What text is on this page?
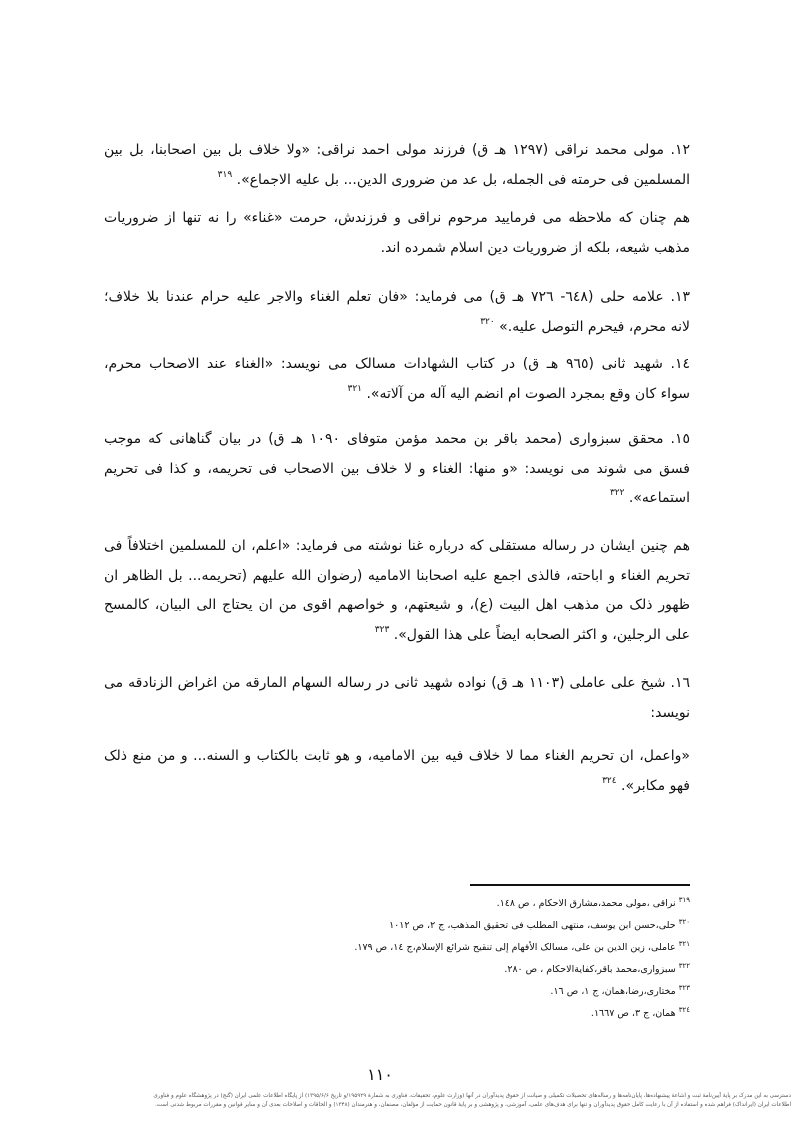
١٢. مولی محمد نراقی (١٢٩٧ هـ ق) فرزند مولی احمد نراقی: «ولا خلاف بل بین اصحابنا، بل بین
المسلمین فی حرمته فی الجمله، بل عد من ضروری الدین... بل علیه الاجماع». $^{٣١٩}$
هم چنان که ملاحظه می فرمایید مرحوم نراقی و فرزندش، حرمت «غناء» را نه تنها از ضروریات
مذهب شیعه، بلکه از ضروریات دین اسلام شمرده اند.
١٣. علامه حلی (٦٤٨- ٧٢٦ هـ ق) می فرماید: «فان تعلم الغناء والاجر علیه حرام عندنا بلا خلاف؛
لانه محرم، فیحرم التوصل علیه.» $^{٣٢٠}$
١٤. شهید ثانی (٩٦٥ هـ ق) در کتاب الشهادات مسالک می نویسد: «الغناء عند الاصحاب محرم،
سواء کان وقع بمجرد الصوت ام انضم الیه آله من آلاته». $^{٣٢١}$
١٥. محقق سبزواری (محمد باقر بن محمد مؤمن متوفای ١٠٩٠ هـ ق) در بیان گناهانی که موجب
فسق می شوند می نویسد: «و منها: الغناء و لا خلاف بین الاصحاب فی تحریمه، و کذا فی تحریم
استماعه». $^{٣٢٢}$
هم چنین ایشان در رساله مستقلی که درباره غنا نوشته می فرماید: «اعلم، ان للمسلمین اختلافاً فی
تحریم الغناء و اباحته، فالذی اجمع علیه اصحابنا الامامیه (رضوان الله علیهم (تحریمه... بل الظاهر ان
ظهور ذلک من مذهب اهل البیت (ع)، و شیعتهم، و خواصهم اقوی من ان یحتاج الی البیان، کالمسح
علی الرجلین، و اکثر الصحابه ایضاً علی هذا القول». $^{٣٢٣}$
١٦. شیخ علی عاملی (١١٠٣ هـ ق) نواده شهید ثانی در رساله السهام المارقه من اغراض الزنادقه می
نویسد:
«واعمل، ان تحریم الغناء مما لا خلاف فیه بین الامامیه، و هو ثابت بالکتاب و السنه... و من منع ذلک
فهو مکابر». $^{٣٢٤}$
$^{٣١٩}$ نراقی ،مولی محمد،مشارق الاحکام ، ص ١٤٨.
$^{٣٢٠}$ حلی،حسن ابن یوسف، منتهی المطلب فی تحقیق المذهب، ج ٢، ص ١٠١٢
$^{٣٢١}$ عاملی، زین الدین بن علی، مسالک الأفهام إلی تنقیح شرائع الإسلام،ج ١٤، ص ١٧٩.
$^{٣٢٢}$ سبزواری،محمد باقر،کفایةالاحکام ، ص ٢٨٠.
$^{٣٢٣}$ مختاری،رضا،همان، ج ١، ص ١٦.
$^{٣٢٤}$ همان، ج ٣، ص ١٦٦٧.
١١٠
دسترسی به این مدرک بر پایهٔ آیین‌نامهٔ ثبت و اشاعهٔ پیشنهاده‌ها، پایان‌نامه‌ها و رساله‌های تحصیلات تکمیلی و صیانت از حقوق پدیدآوران در آنها (وزارت علوم، تحقیقات، فناوری به شمارهٔ ۱۹۵۹۲۹/و تاریخ ۱۳۹۵/۶/۶) از پایگاه اطلاعات علمی ایران (گنج) در پژوهشگاه علوم و فناوری
اطلاعات ایران (ایرانداک) فراهم شده و استفاده از آن با رعایت کامل حقوق پدیدآوران و تنها برای هدف‌های علمی، آموزشی، و پژوهشی و بر پایهٔ قانون حمایت از مؤلفان، مصنفان، و هنرمندان (۱۳۴۸) و الحاقات و اصلاحات بعدی آن و سایر قوانین و مقررات مربوط شدنی است.
